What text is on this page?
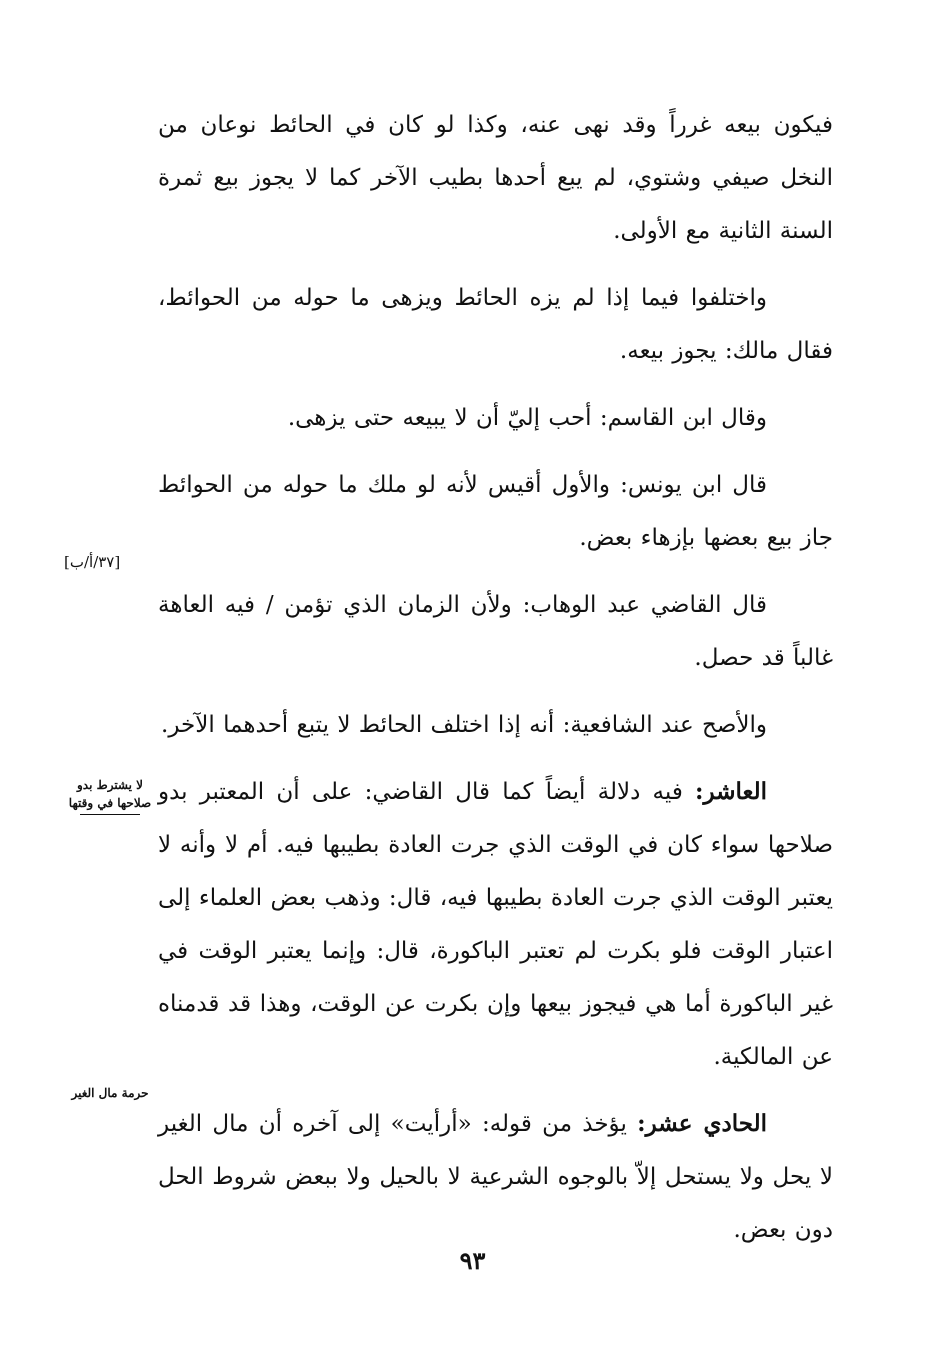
فيكون بيعه غرراً وقد نهى عنه، وكذا لو كان في الحائط نوعان من النخل صيفي وشتوي، لم يبع أحدها بطيب الآخر كما لا يجوز بيع ثمرة السنة الثانية مع الأولى.

واختلفوا فيما إذا لم يزه الحائط ويزهى ما حوله من الحوائط، فقال مالك: يجوز بيعه.

وقال ابن القاسم: أحب إليّ أن لا يبيعه حتى يزهى.

قال ابن يونس: والأول أقيس لأنه لو ملك ما حوله من الحوائط جاز بيع بعضها بإزهاء بعض.

قال القاضي عبد الوهاب: ولأن الزمان الذي تؤمن / فيه العاهة غالباً قد حصل.

والأصح عند الشافعية: أنه إذا اختلف الحائط لا يتبع أحدهما الآخر.

العاشر: فيه دلالة أيضاً كما قال القاضي: على أن المعتبر بدو صلاحها سواء كان في الوقت الذي جرت العادة بطيبها فيه. أم لا وأنه لا يعتبر الوقت الذي جرت العادة بطيبها فيه، قال: وذهب بعض العلماء إلى اعتبار الوقت فلو بكرت لم تعتبر الباكورة، قال: وإنما يعتبر الوقت في غير الباكورة أما هي فيجوز بيعها وإن بكرت عن الوقت، وهذا قد قدمناه عن المالكية.

الحادي عشر: يؤخذ من قوله: «أرأيت» إلى آخره أن مال الغير لا يحل ولا يستحل إلاّ بالوجوه الشرعية لا بالحيل ولا ببعض شروط الحل دون بعض.

[٣٧/أ/ب]
لا يشترط بدو صلاحها في وقتها
حرمة مال الغير
٩٣
